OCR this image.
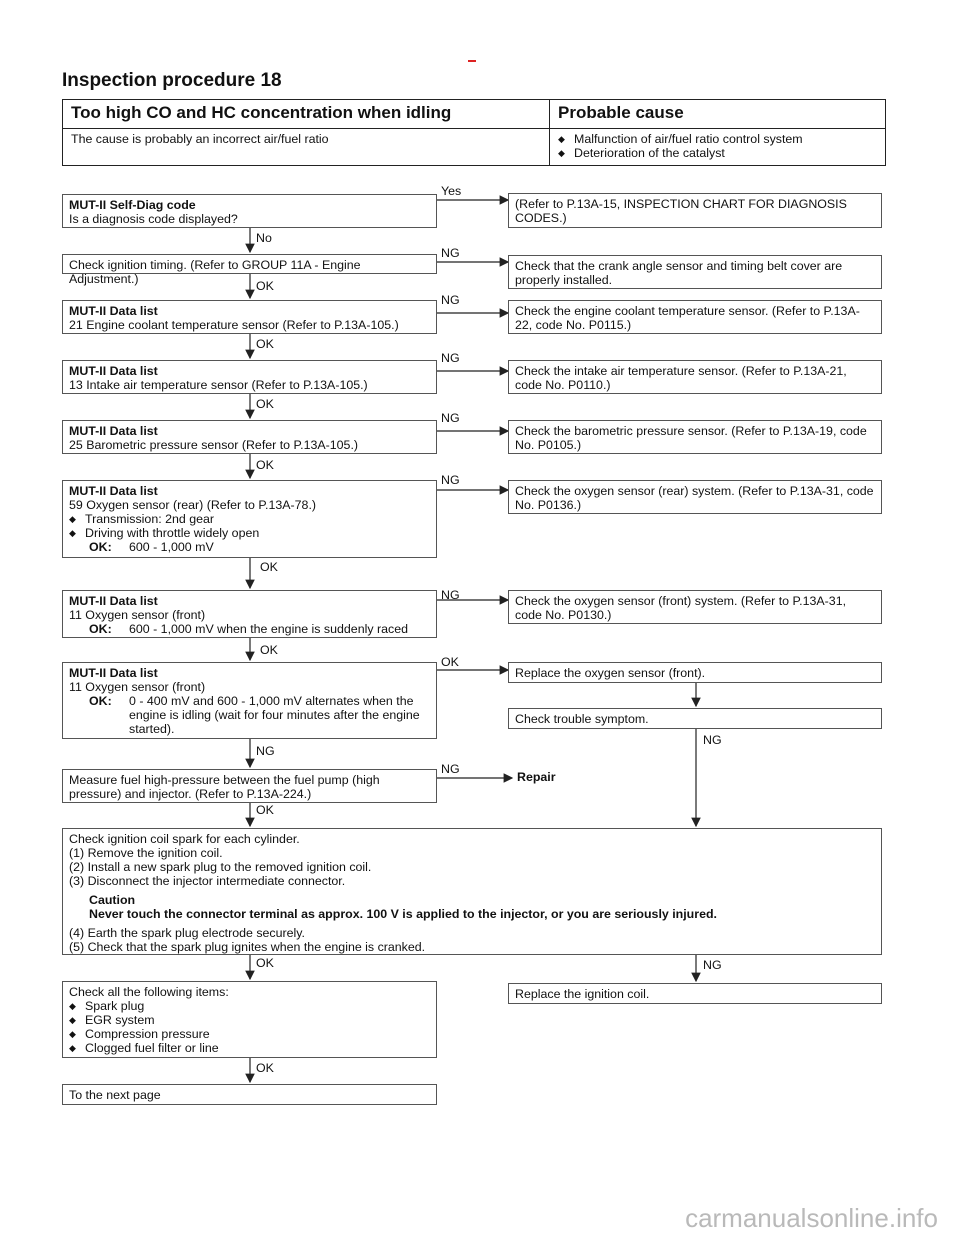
Inspection procedure 18
Too high CO and HC concentration when idling	Probable cause
The cause is probably an incorrect air/fuel ratio	◆ Malfunction of air/fuel ratio control system
◆ Deterioration of the catalyst
Yes
No
NG
OK
NG
OK
NG
OK
NG
OK
NG
OK
NG
OK
OK
NG
NG
NG
OK
OK	NG
OK
MUT-II Self-Diag code
Is a diagnosis code displayed?
Check ignition timing. (Refer to GROUP 11A - Engine Adjustment.)
MUT-II Data list
21 Engine coolant temperature sensor (Refer to P.13A-105.)
MUT-II Data list
13 Intake air temperature sensor (Refer to P.13A-105.)
MUT-II Data list
25 Barometric pressure sensor (Refer to P.13A-105.)
MUT-II Data list
59 Oxygen sensor (rear) (Refer to P.13A-78.)
◆ Transmission: 2nd gear
◆ Driving with throttle widely open
OK: 600 - 1,000 mV
MUT-II Data list
11 Oxygen sensor (front)
OK: 600 - 1,000 mV when the engine is suddenly raced
MUT-II Data list
11 Oxygen sensor (front)
OK:	0 - 400 mV and 600 - 1,000 mV alternates when the engine is idling (wait for four minutes after the engine started).
Measure fuel high-pressure between the fuel pump (high pressure) and injector. (Refer to P.13A-224.)
Check ignition coil spark for each cylinder.
(1) Remove the ignition coil.
(2) Install a new spark plug to the removed ignition coil.
(3) Disconnect the injector intermediate connector.
Caution
Never touch the connector terminal as approx. 100 V is applied to the injector, or you are seriously injured.
(4) Earth the spark plug electrode securely.
(5) Check that the spark plug ignites when the engine is cranked.
Check all the following items:
◆ Spark plug
◆ EGR system
◆ Compression pressure
◆ Clogged fuel filter or line
To the next page
(Refer to P.13A-15, INSPECTION CHART FOR DIAGNOSIS CODES.)
Check that the crank angle sensor and timing belt cover are properly installed.
Check the engine coolant temperature sensor. (Refer to P.13A-22, code No. P0115.)
Check the intake air temperature sensor. (Refer to P.13A-21, code No. P0110.)
Check the barometric pressure sensor. (Refer to P.13A-19, code No. P0105.)
Check the oxygen sensor (rear) system. (Refer to P.13A-31, code No. P0136.)
Check the oxygen sensor (front) system. (Refer to P.13A-31, code No. P0130.)
Replace the oxygen sensor (front).
Check trouble symptom.
Repair
Replace the ignition coil.
carmanualsonline.info
